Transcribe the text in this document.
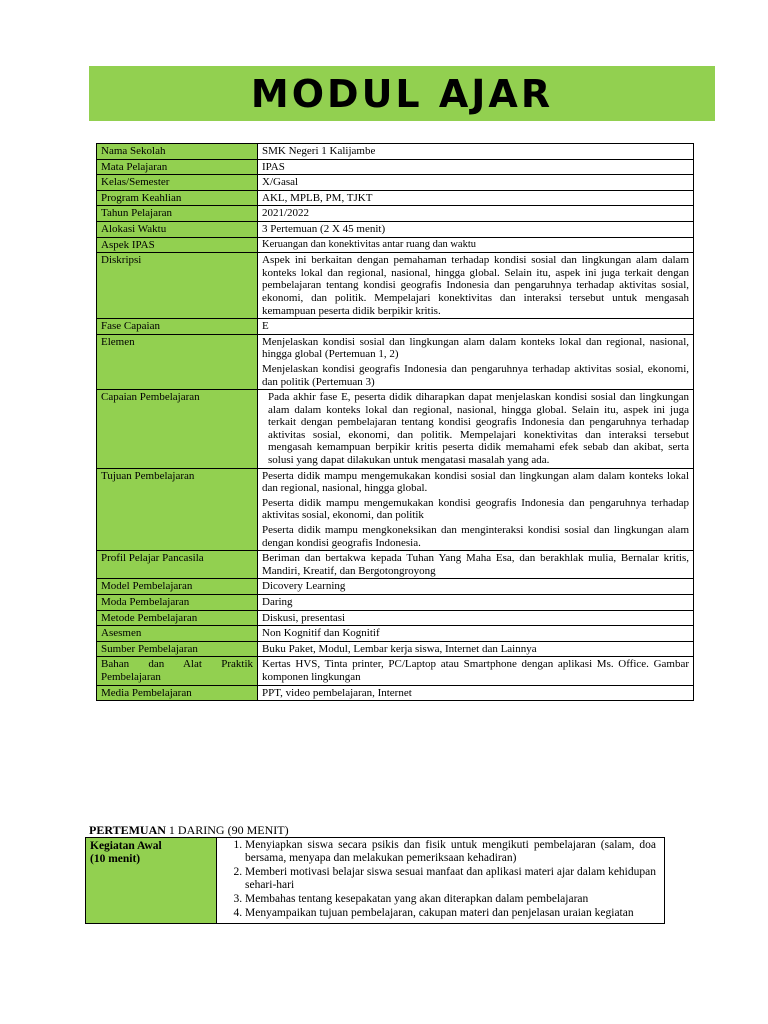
MODUL AJAR
Nama Sekolah	SMK Negeri 1 Kalijambe

Mata Pelajaran	IPAS

Kelas/Semester	X/Gasal

Program Keahlian	AKL, MPLB, PM, TJKT

Tahun Pelajaran	2021/2022

Alokasi Waktu	3 Pertemuan (2 X 45 menit)

Aspek IPAS	Keruangan dan konektivitas antar ruang dan waktu

Diskripsi	Aspek ini berkaitan dengan pemahaman terhadap kondisi sosial dan lingkungan alam dalam konteks lokal dan regional, nasional, hingga global. Selain itu, aspek ini juga terkait dengan pembelajaran tentang kondisi geografis Indonesia dan pengaruhnya terhadap aktivitas sosial, ekonomi, dan politik. Mempelajari konektivitas dan interaksi tersebut untuk mengasah kemampuan peserta didik berpikir kritis.

Fase Capaian	E

Elemen	Menjelaskan kondisi sosial dan lingkungan alam dalam konteks lokal dan regional, nasional, hingga global (Pertemuan 1, 2)

Menjelaskan kondisi geografis Indonesia dan pengaruhnya terhadap aktivitas sosial, ekonomi, dan politik (Pertemuan 3)

Capaian Pembelajaran	Pada akhir fase E, peserta didik diharapkan dapat menjelaskan kondisi sosial dan lingkungan alam dalam konteks lokal dan regional, nasional, hingga global. Selain itu, aspek ini juga terkait dengan pembelajaran tentang kondisi geografis Indonesia dan pengaruhnya terhadap aktivitas sosial, ekonomi, dan politik. Mempelajari konektivitas dan interaksi tersebut mengasah kemampuan berpikir kritis peserta didik memahami efek sebab dan akibat, serta solusi yang dapat dilakukan untuk mengatasi masalah yang ada.

Tujuan Pembelajaran	Peserta didik mampu mengemukakan kondisi sosial dan lingkungan alam dalam konteks lokal dan regional, nasional, hingga global.

Peserta didik mampu mengemukakan kondisi geografis Indonesia dan pengaruhnya terhadap aktivitas sosial, ekonomi, dan politik

Peserta didik mampu mengkoneksikan dan menginteraksi kondisi sosial dan lingkungan alam dengan kondisi geografis Indonesia.

Profil Pelajar Pancasila	Beriman dan bertakwa kepada Tuhan Yang Maha Esa, dan berakhlak mulia, Bernalar kritis, Mandiri, Kreatif, dan Bergotongroyong

Model Pembelajaran	Dicovery Learning

Moda Pembelajaran	Daring

Metode Pembelajaran	Diskusi, presentasi

Asesmen	Non Kognitif dan Kognitif

Sumber Pembelajaran	Buku Paket, Modul, Lembar kerja siswa, Internet dan Lainnya

Bahan dan Alat Praktik
Pembelajaran	Kertas HVS, Tinta printer, PC/Laptop atau Smartphone dengan aplikasi Ms. Office. Gambar komponen lingkungan

Media Pembelajaran	PPT, video pembelajaran, Internet

PERTEMUAN 1 DARING (90 MENIT)
Kegiatan Awal
(10 menit)

1. Menyiapkan siswa secara psikis dan fisik untuk mengikuti pembelajaran (salam, doa bersama, menyapa dan melakukan pemeriksaan kehadiran)
2. Memberi motivasi belajar siswa sesuai manfaat dan aplikasi materi ajar dalam kehidupan sehari-hari
3. Membahas tentang kesepakatan yang akan diterapkan dalam pembelajaran
4. Menyampaikan tujuan pembelajaran, cakupan materi dan penjelasan uraian kegiatan
